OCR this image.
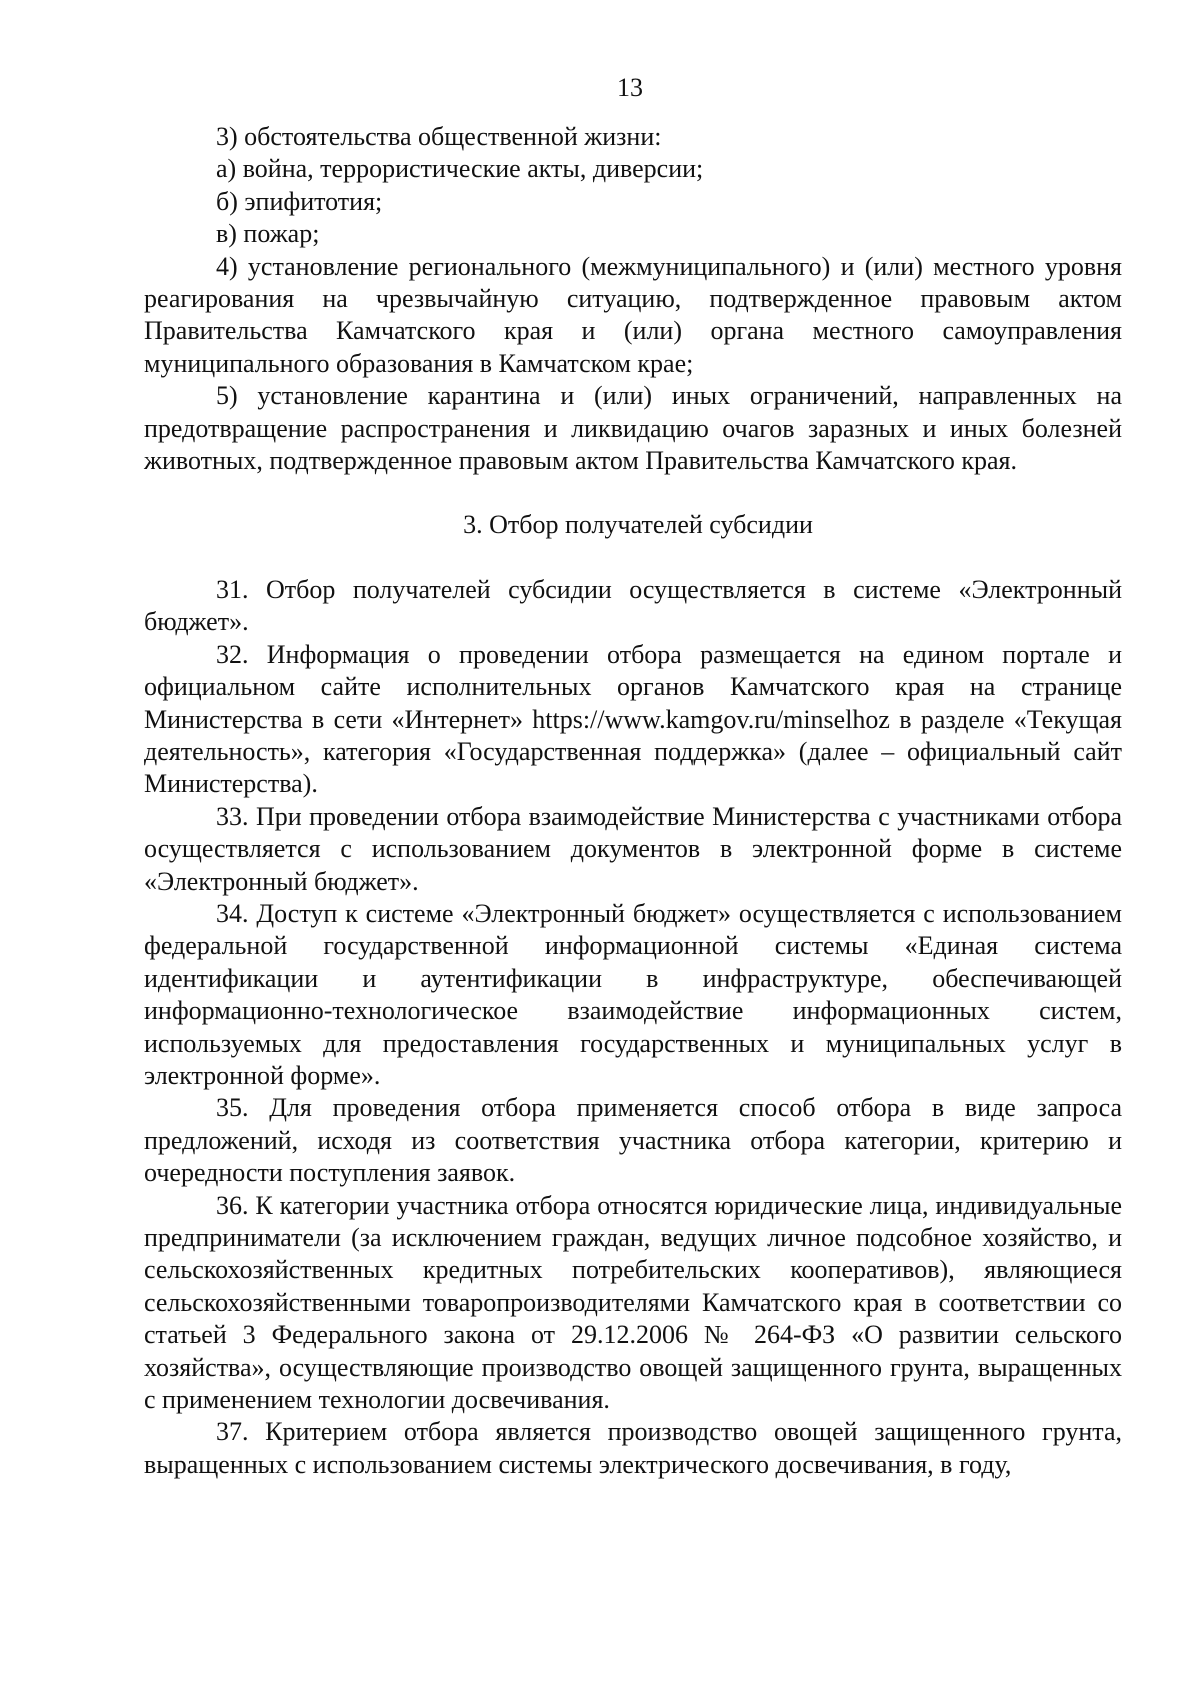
13

3) обстоятельства общественной жизни:

а) война, террористические акты, диверсии;

б) эпифитотия;

в) пожар;

4) установление регионального (межмуниципального) и (или) местного уровня реагирования на чрезвычайную ситуацию, подтвержденное правовым актом Правительства Камчатского края и (или) органа местного самоуправления муниципального образования в Камчатском крае;

5) установление карантина и (или) иных ограничений, направленных на предотвращение распространения и ликвидацию очагов заразных и иных болезней животных, подтвержденное правовым актом Правительства Камчатского края.

3. Отбор получателей субсидии

31. Отбор получателей субсидии осуществляется в системе «Электронный бюджет».

32. Информация о проведении отбора размещается на едином портале и официальном сайте исполнительных органов Камчатского края на странице Министерства в сети «Интернет» https://www.kamgov.ru/minselhoz в разделе «Текущая деятельность», категория «Государственная поддержка» (далее – официальный сайт Министерства).

33. При проведении отбора взаимодействие Министерства с участниками отбора осуществляется с использованием документов в электронной форме в системе «Электронный бюджет».

34. Доступ к системе «Электронный бюджет» осуществляется с использованием федеральной государственной информационной системы «Единая система идентификации и аутентификации в инфраструктуре, обеспечивающей информационно-технологическое взаимодействие информационных систем, используемых для предоставления государственных и муниципальных услуг в электронной форме».

35. Для проведения отбора применяется способ отбора в виде запроса предложений, исходя из соответствия участника отбора категории, критерию и очередности поступления заявок.

36. К категории участника отбора относятся юридические лица, индивидуальные предприниматели (за исключением граждан, ведущих личное подсобное хозяйство, и сельскохозяйственных кредитных потребительских кооперативов), являющиеся сельскохозяйственными товаропроизводителями Камчатского края в соответствии со статьей 3 Федерального закона от 29.12.2006 № 264-ФЗ «О развитии сельского хозяйства», осуществляющие производство овощей защищенного грунта, выращенных с применением технологии досвечивания.

37. Критерием отбора является производство овощей защищенного грунта, выращенных с использованием системы электрического досвечивания, в году,
